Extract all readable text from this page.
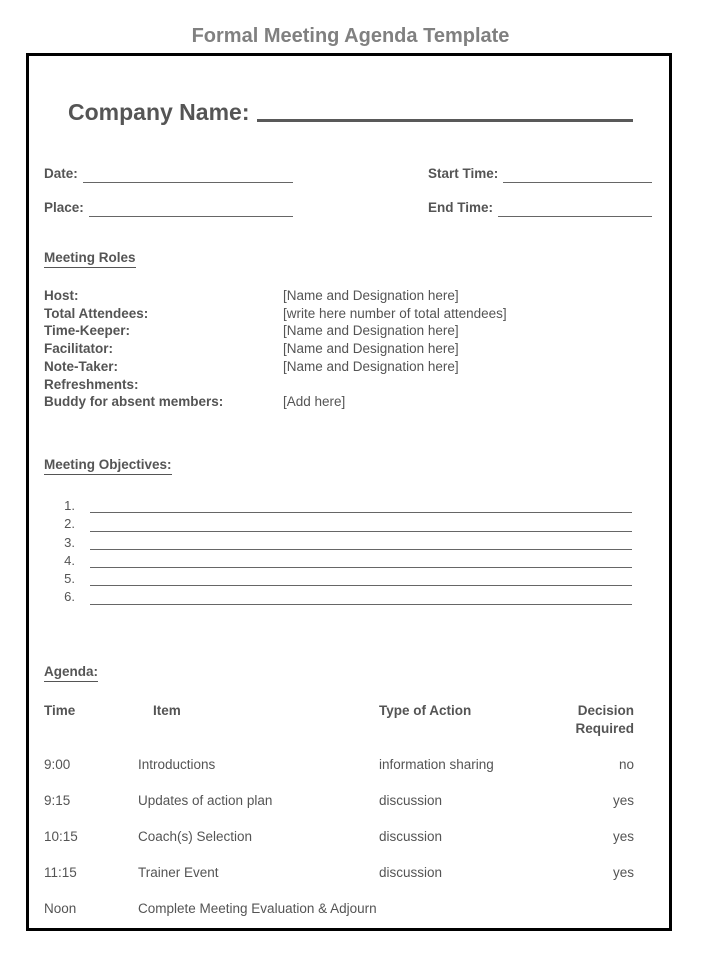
Formal Meeting Agenda Template
Company Name:
Date:	Start Time:
Place:	End Time:
Meeting Roles
Host:	[Name and Designation here]
Total Attendees:	[write here number of total attendees]
Time-Keeper:	[Name and Designation here]
Facilitator:	[Name and Designation here]
Note-Taker:	[Name and Designation here]
Refreshments:
Buddy for absent members:	[Add here]
Meeting Objectives:
1.
2.
3.
4.
5.
6.
Agenda:
Time	Item	Type of Action	Decision Required
9:00	Introductions	information sharing	no
9:15	Updates of action plan	discussion	yes
10:15	Coach(s) Selection	discussion	yes
11:15	Trainer Event	discussion	yes
Noon	Complete Meeting Evaluation & Adjourn
